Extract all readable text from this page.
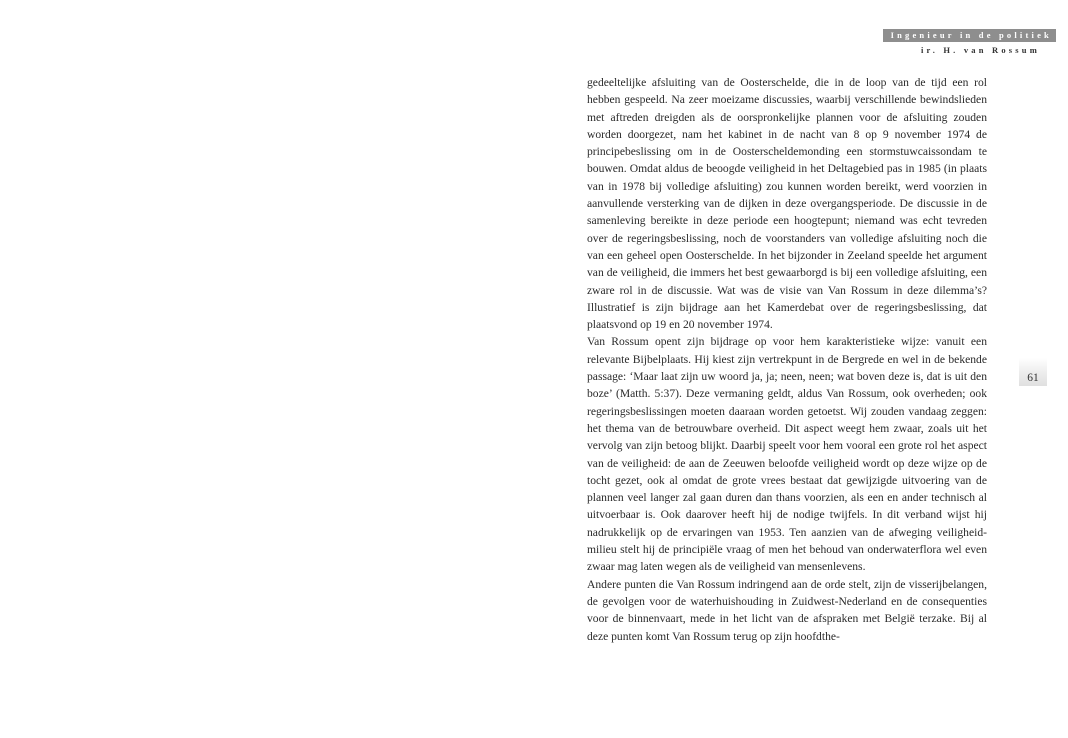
Ingenieur in de politiek
ir. H. van Rossum

gedeeltelijke afsluiting van de Oosterschelde, die in de loop van de tijd een rol hebben gespeeld. Na zeer moeizame discussies, waarbij verschillende bewindslieden met aftreden dreigden als de oorspronkelijke plannen voor de afsluiting zouden worden doorgezet, nam het kabinet in de nacht van 8 op 9 november 1974 de principebeslissing om in de Oosterscheldemonding een stormstuwcaissondam te bouwen. Omdat aldus de beoogde veiligheid in het Deltagebied pas in 1985 (in plaats van in 1978 bij volledige afsluiting) zou kunnen worden bereikt, werd voorzien in aanvullende versterking van de dijken in deze overgangsperiode. De discussie in de samenleving bereikte in deze periode een hoogtepunt; niemand was echt tevreden over de regeringsbeslissing, noch de voorstanders van volledige afsluiting noch die van een geheel open Oosterschelde. In het bijzonder in Zeeland speelde het argument van de veiligheid, die immers het best gewaarborgd is bij een volledige afsluiting, een zware rol in de discussie. Wat was de visie van Van Rossum in deze dilemma’s? Illustratief is zijn bijdrage aan het Kamerdebat over de regeringsbeslissing, dat plaatsvond op 19 en 20 november 1974.

Van Rossum opent zijn bijdrage op voor hem karakteristieke wijze: vanuit een relevante Bijbelplaats. Hij kiest zijn vertrekpunt in de Bergrede en wel in de bekende passage: ‘Maar laat zijn uw woord ja, ja; neen, neen; wat boven deze is, dat is uit den boze’ (Matth. 5:37). Deze vermaning geldt, aldus Van Rossum, ook overheden; ook regeringsbeslissingen moeten daaraan worden getoetst. Wij zouden vandaag zeggen: het thema van de betrouwbare overheid. Dit aspect weegt hem zwaar, zoals uit het vervolg van zijn betoog blijkt. Daarbij speelt voor hem vooral een grote rol het aspect van de veiligheid: de aan de Zeeuwen beloofde veiligheid wordt op deze wijze op de tocht gezet, ook al omdat de grote vrees bestaat dat gewijzigde uitvoering van de plannen veel langer zal gaan duren dan thans voorzien, als een en ander technisch al uitvoerbaar is. Ook daarover heeft hij de nodige twijfels. In dit verband wijst hij nadrukkelijk op de ervaringen van 1953. Ten aanzien van de afweging veiligheid-milieu stelt hij de principiële vraag of men het behoud van onderwaterflora wel even zwaar mag laten wegen als de veiligheid van mensenlevens.

Andere punten die Van Rossum indringend aan de orde stelt, zijn de visserijbelangen, de gevolgen voor de waterhuishouding in Zuidwest-Nederland en de consequenties voor de binnenvaart, mede in het licht van de afspraken met België terzake. Bij al deze punten komt Van Rossum terug op zijn hoofdthe-

61
